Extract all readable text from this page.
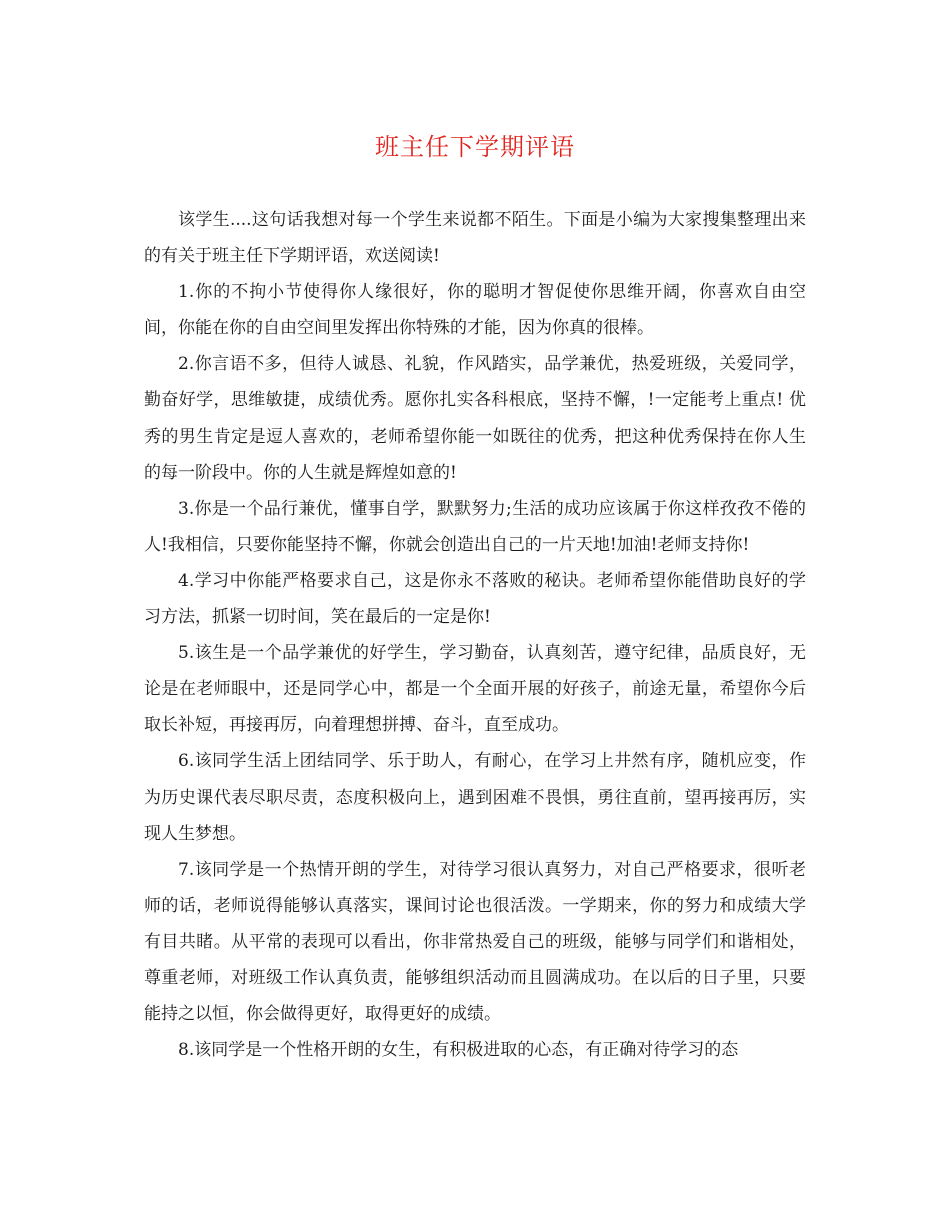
班主任下学期评语

该学生....这句话我想对每一个学生来说都不陌生。下面是小编为大家搜集整理出来的有关于班主任下学期评语，欢送阅读!

1.你的不拘小节使得你人缘很好，你的聪明才智促使你思维开阔，你喜欢自由空间，你能在你的自由空间里发挥出你特殊的才能，因为你真的很棒。

2.你言语不多，但待人诚恳、礼貌，作风踏实，品学兼优，热爱班级，关爱同学，勤奋好学，思维敏捷，成绩优秀。愿你扎实各科根底，坚持不懈，!一定能考上重点! 优秀的男生肯定是逗人喜欢的，老师希望你能一如既往的优秀，把这种优秀保持在你人生的每一阶段中。你的人生就是辉煌如意的!

3.你是一个品行兼优，懂事自学，默默努力;生活的成功应该属于你这样孜孜不倦的人!我相信，只要你能坚持不懈，你就会创造出自己的一片天地!加油!老师支持你!

4.学习中你能严格要求自己，这是你永不落败的秘诀。老师希望你能借助良好的学习方法，抓紧一切时间，笑在最后的一定是你!

5.该生是一个品学兼优的好学生，学习勤奋，认真刻苦，遵守纪律，品质良好，无论是在老师眼中，还是同学心中，都是一个全面开展的好孩子，前途无量，希望你今后取长补短，再接再厉，向着理想拼搏、奋斗，直至成功。

6.该同学生活上团结同学、乐于助人，有耐心，在学习上井然有序，随机应变，作为历史课代表尽职尽责，态度积极向上，遇到困难不畏惧，勇往直前，望再接再厉，实现人生梦想。

7.该同学是一个热情开朗的学生，对待学习很认真努力，对自己严格要求，很听老师的话，老师说得能够认真落实，课间讨论也很活泼。一学期来，你的努力和成绩大学有目共睹。从平常的表现可以看出，你非常热爱自己的班级，能够与同学们和谐相处，尊重老师，对班级工作认真负责，能够组织活动而且圆满成功。在以后的日子里，只要能持之以恒，你会做得更好，取得更好的成绩。

8.该同学是一个性格开朗的女生，有积极进取的心态，有正确对待学习的态
